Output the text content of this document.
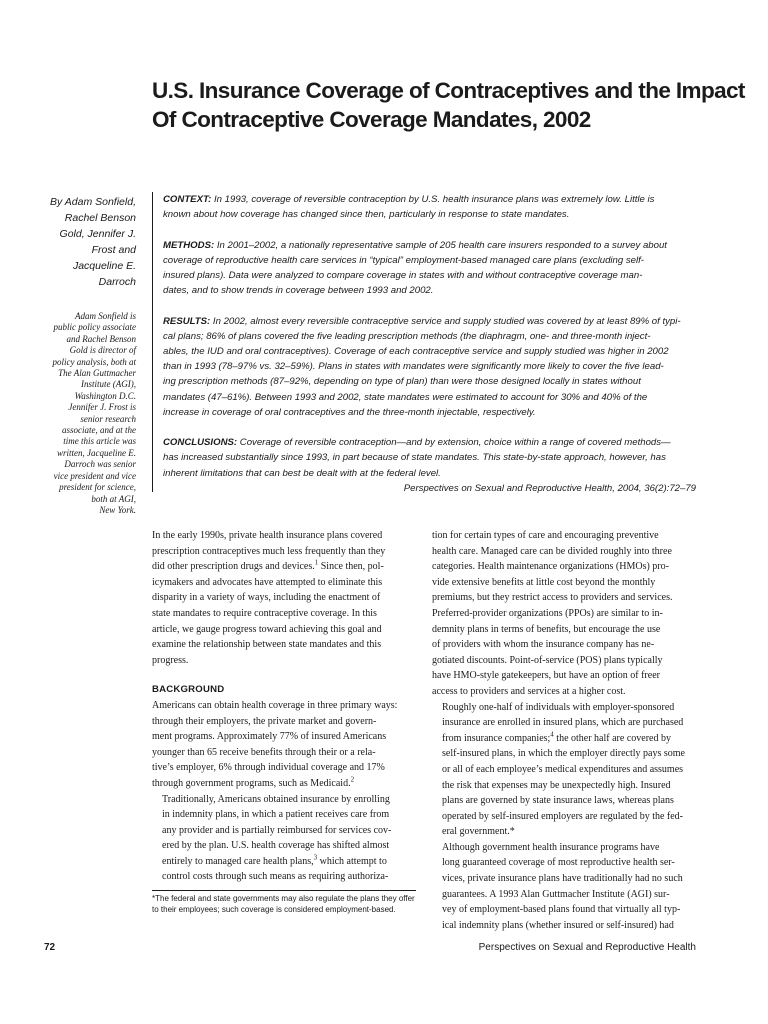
U.S. Insurance Coverage of Contraceptives and the Impact
Of Contraceptive Coverage Mandates, 2002
By Adam Sonfield,
Rachel Benson
Gold, Jennifer J.
Frost and
Jacqueline E.
Darroch
Adam Sonfield is
public policy associate
and Rachel Benson
Gold is director of
policy analysis, both at
The Alan Guttmacher
Institute (AGI),
Washington D.C.
Jennifer J. Frost is
senior research
associate, and at the
time this article was
written, Jacqueline E.
Darroch was senior
vice president and vice
president for science,
both at AGI,
New York.

CONTEXT: In 1993, coverage of reversible contraception by U.S. health insurance plans was extremely low. Little is
known about how coverage has changed since then, particularly in response to state mandates.

METHODS: In 2001–2002, a nationally representative sample of 205 health care insurers responded to a survey about
coverage of reproductive health care services in “typical” employment-based managed care plans (excluding self-
insured plans). Data were analyzed to compare coverage in states with and without contraceptive coverage man-
dates, and to show trends in coverage between 1993 and 2002.

RESULTS: In 2002, almost every reversible contraceptive service and supply studied was covered by at least 89% of typi-
cal plans; 86% of plans covered the five leading prescription methods (the diaphragm, one- and three-month inject-
ables, the IUD and oral contraceptives). Coverage of each contraceptive service and supply studied was higher in 2002
than in 1993 (78–97% vs. 32–59%). Plans in states with mandates were significantly more likely to cover the five lead-
ing prescription methods (87–92%, depending on type of plan) than were those designed locally in states without
mandates (47–61%). Between 1993 and 2002, state mandates were estimated to account for 30% and 40% of the
increase in coverage of oral contraceptives and the three-month injectable, respectively.

CONCLUSIONS: Coverage of reversible contraception—and by extension, choice within a range of covered methods—
has increased substantially since 1993, in part because of state mandates. This state-by-state approach, however, has
inherent limitations that can best be dealt with at the federal level.

Perspectives on Sexual and Reproductive Health, 2004, 36(2):72–79

In the early 1990s, private health insurance plans covered
prescription contraceptives much less frequently than they
did other prescription drugs and devices.$^1$ Since then, pol-
icymakers and advocates have attempted to eliminate this
disparity in a variety of ways, including the enactment of
state mandates to require contraceptive coverage. In this
article, we gauge progress toward achieving this goal and
examine the relationship between state mandates and this
progress.

BACKGROUND

Americans can obtain health coverage in three primary ways:
through their employers, the private market and govern-
ment programs. Approximately 77% of insured Americans
younger than 65 receive benefits through their or a rela-
tive’s employer, 6% through individual coverage and 17%
through government programs, such as Medicaid.$^2$

Traditionally, Americans obtained insurance by enrolling
in indemnity plans, in which a patient receives care from
any provider and is partially reimbursed for services cov-
ered by the plan. U.S. health coverage has shifted almost
entirely to managed care health plans,$^3$ which attempt to
control costs through such means as requiring authoriza-

*The federal and state governments may also regulate the plans they offer
to their employees; such coverage is considered employment-based.

tion for certain types of care and encouraging preventive
health care. Managed care can be divided roughly into three
categories. Health maintenance organizations (HMOs) pro-
vide extensive benefits at little cost beyond the monthly
premiums, but they restrict access to providers and services.
Preferred-provider organizations (PPOs) are similar to in-
demnity plans in terms of benefits, but encourage the use
of providers with whom the insurance company has ne-
gotiated discounts. Point-of-service (POS) plans typically
have HMO-style gatekeepers, but have an option of freer
access to providers and services at a higher cost.

Roughly one-half of individuals with employer-sponsored
insurance are enrolled in insured plans, which are purchased
from insurance companies;$^4$ the other half are covered by
self-insured plans, in which the employer directly pays some
or all of each employee’s medical expenditures and assumes
the risk that expenses may be unexpectedly high. Insured
plans are governed by state insurance laws, whereas plans
operated by self-insured employers are regulated by the fed-
eral government.*

Although government health insurance programs have
long guaranteed coverage of most reproductive health ser-
vices, private insurance plans have traditionally had no such
guarantees. A 1993 Alan Guttmacher Institute (AGI) sur-
vey of employment-based plans found that virtually all typ-
ical indemnity plans (whether insured or self-insured) had

72	Perspectives on Sexual and Reproductive Health
